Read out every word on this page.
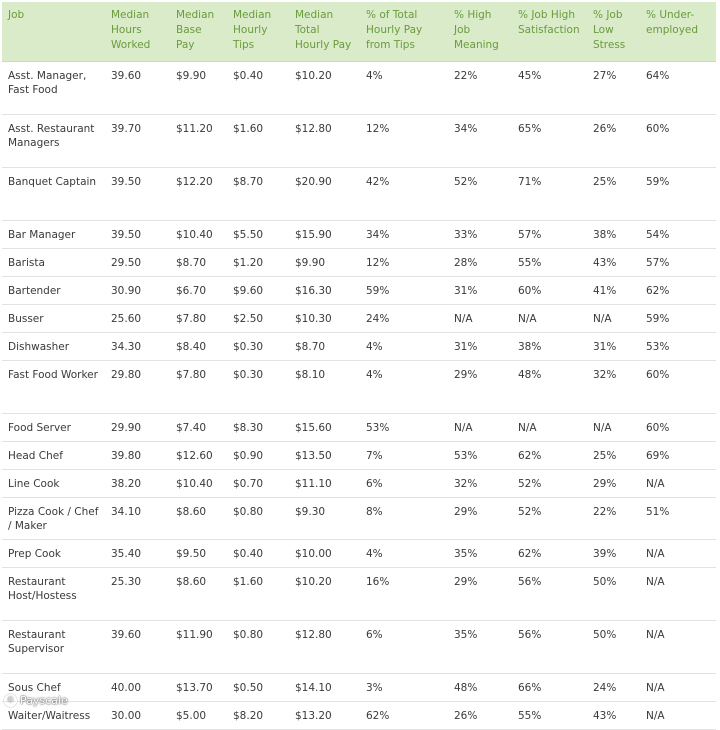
Job	Median Hours Worked	Median Base Pay	Median Hourly Tips	Median Total Hourly Pay	% of Total Hourly Pay from Tips	% High Job Meaning	% Job High Satisfaction	% Job Low Stress	% Under-employed
Asst. Manager, Fast Food	39.60	$9.90	$0.40	$10.20	4%	22%	45%	27%	64%
Asst. Restaurant Managers	39.70	$11.20	$1.60	$12.80	12%	34%	65%	26%	60%
Banquet Captain	39.50	$12.20	$8.70	$20.90	42%	52%	71%	25%	59%
Bar Manager	39.50	$10.40	$5.50	$15.90	34%	33%	57%	38%	54%
Barista	29.50	$8.70	$1.20	$9.90	12%	28%	55%	43%	57%
Bartender	30.90	$6.70	$9.60	$16.30	59%	31%	60%	41%	62%
Busser	25.60	$7.80	$2.50	$10.30	24%	N/A	N/A	N/A	59%
Dishwasher	34.30	$8.40	$0.30	$8.70	4%	31%	38%	31%	53%
Fast Food Worker	29.80	$7.80	$0.30	$8.10	4%	29%	48%	32%	60%
Food Server	29.90	$7.40	$8.30	$15.60	53%	N/A	N/A	N/A	60%
Head Chef	39.80	$12.60	$0.90	$13.50	7%	53%	62%	25%	69%
Line Cook	38.20	$10.40	$0.70	$11.10	6%	32%	52%	29%	N/A
Pizza Cook / Chef / Maker	34.10	$8.60	$0.80	$9.30	8%	29%	52%	22%	51%
Prep Cook	35.40	$9.50	$0.40	$10.00	4%	35%	62%	39%	N/A
Restaurant Host/Hostess	25.30	$8.60	$1.60	$10.20	16%	29%	56%	50%	N/A
Restaurant Supervisor	39.60	$11.90	$0.80	$12.80	6%	35%	56%	50%	N/A
Sous Chef	40.00	$13.70	$0.50	$14.10	3%	48%	66%	24%	N/A
Waiter/Waitress	30.00	$5.00	$8.20	$13.20	62%	26%	55%	43%	N/A
© Payscale
